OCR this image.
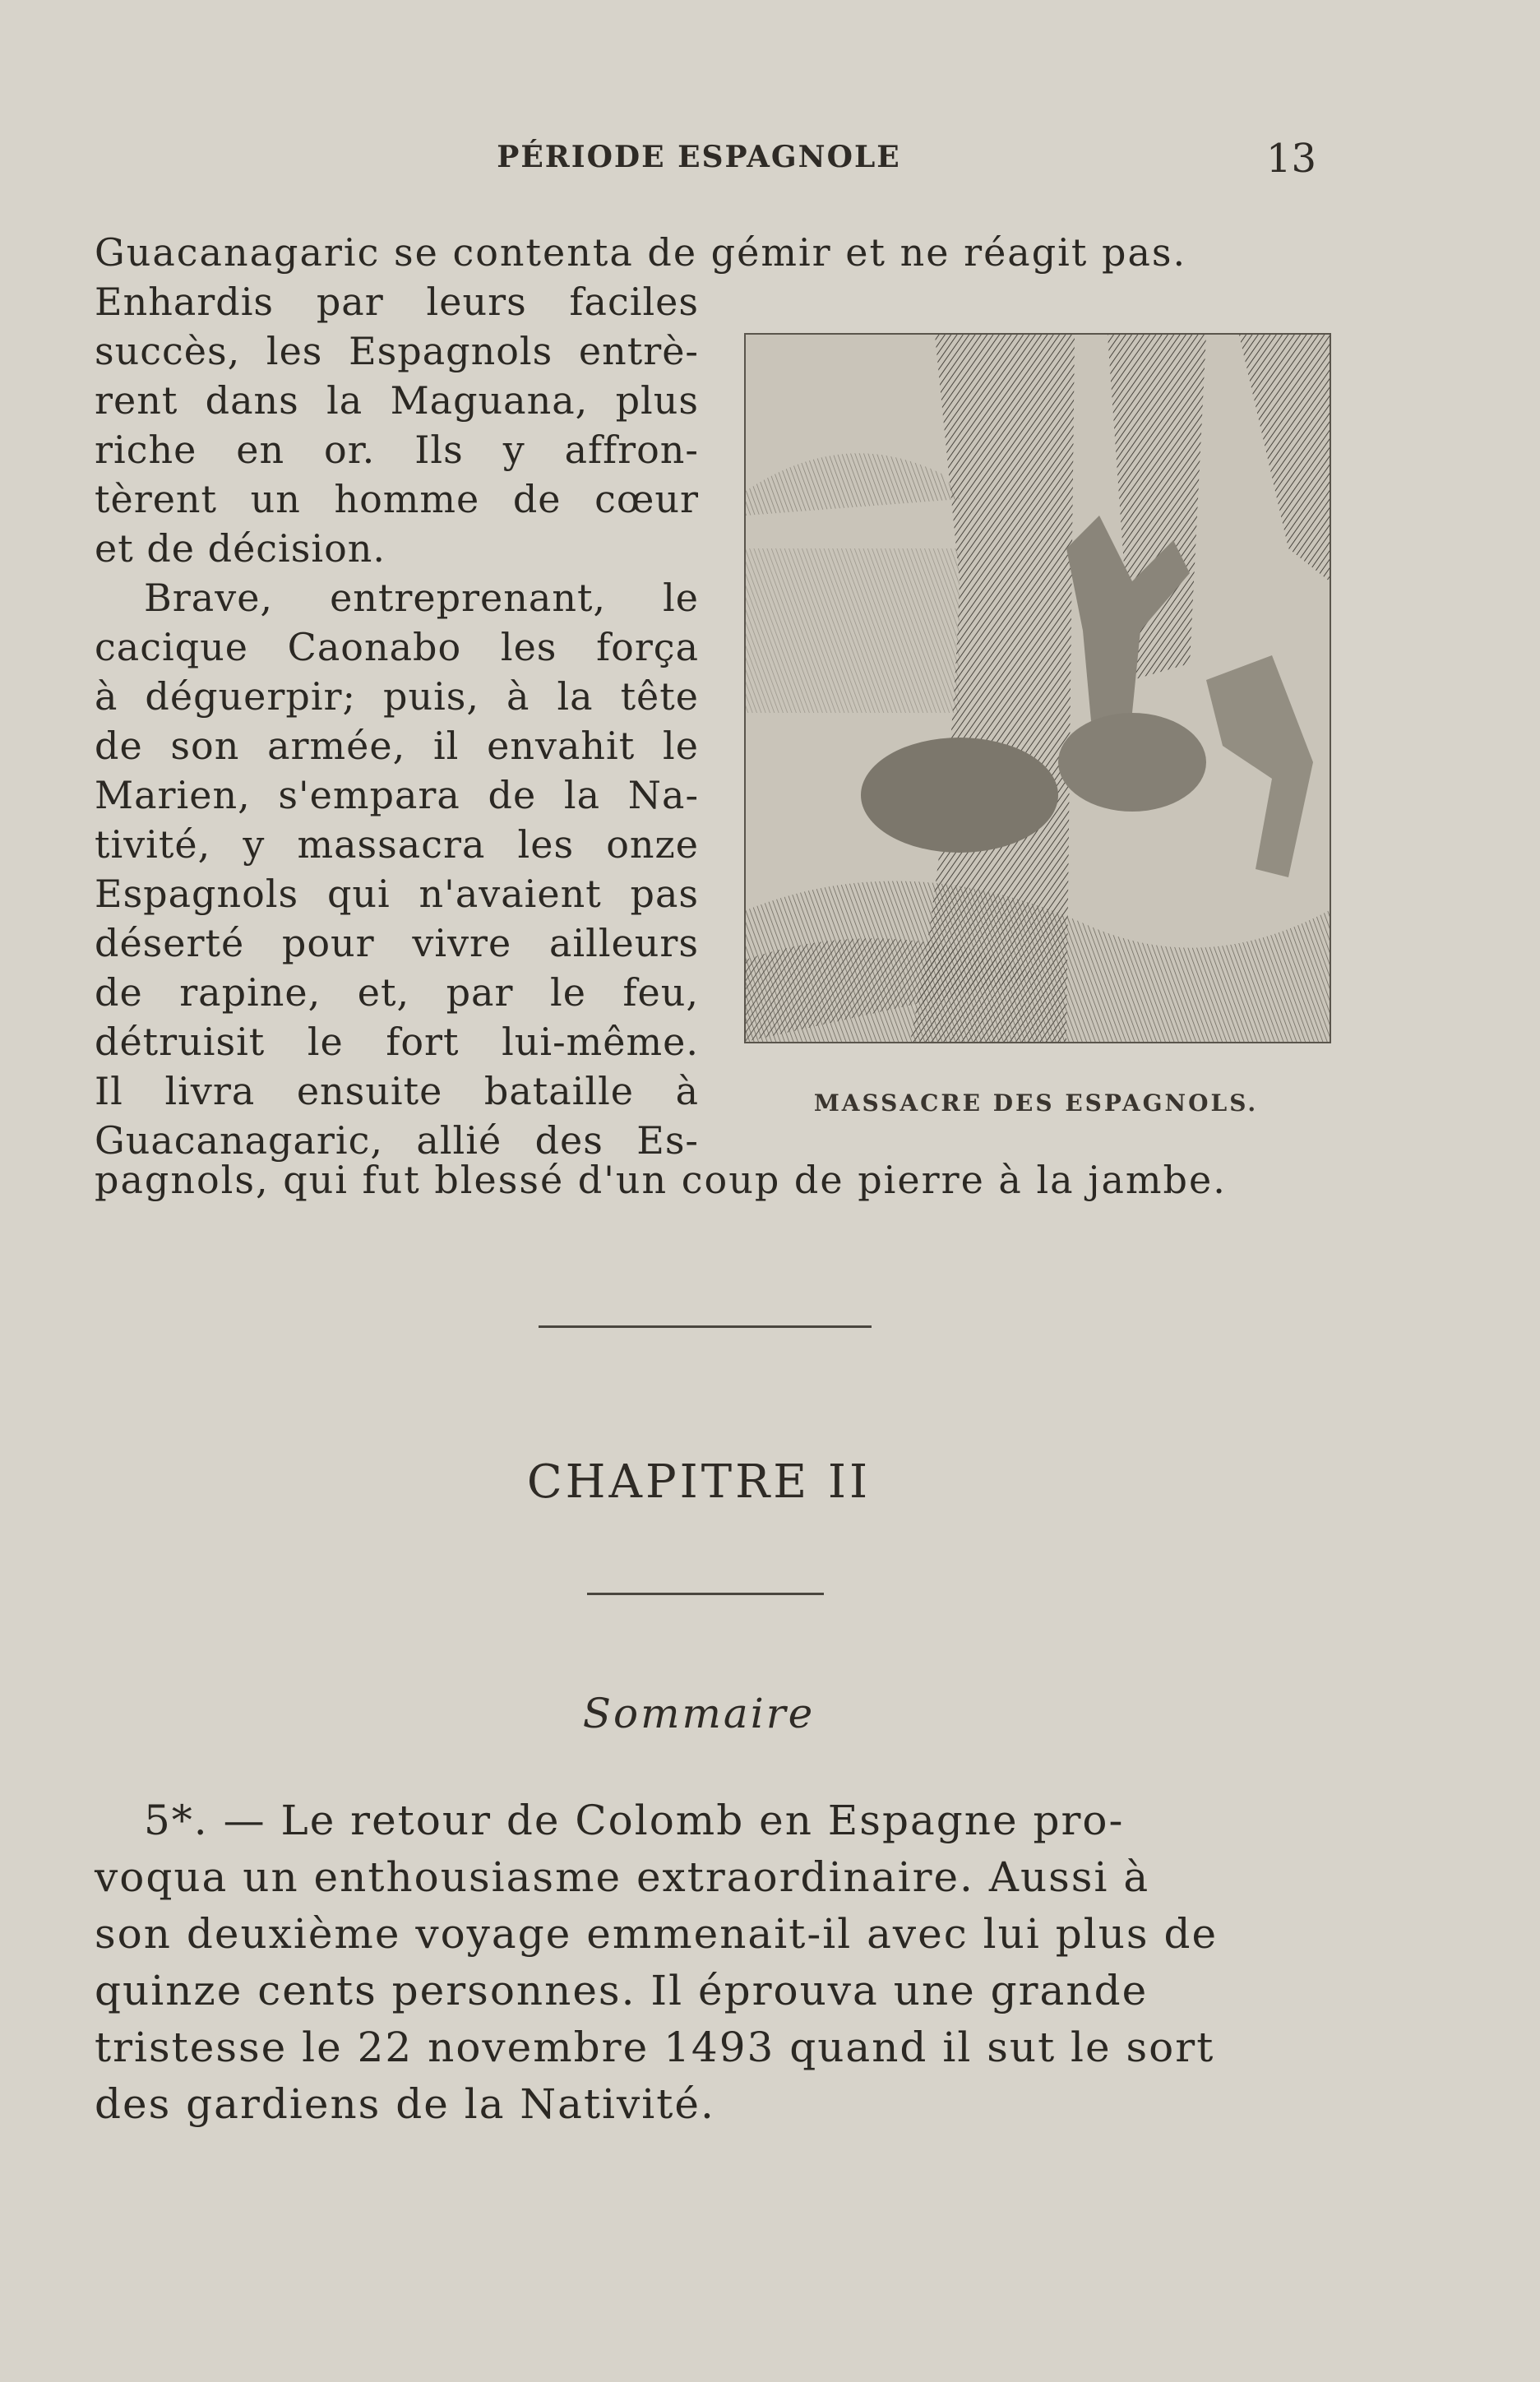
PÉRIODE ESPAGNOLE	13
Guacanagaric se contenta de gémir et ne réagit pas.
Enhardis par leurs faciles
succès, les Espagnols entrè-
rent dans la Maguana, plus
riche en or. Ils y affron-
tèrent un homme de cœur
et de décision.
Brave, entreprenant, le
cacique Caonabo les força
à déguerpir; puis, à la tête
de son armée, il envahit le
Marien, s'empara de la Na-
tivité, y massacra les onze
Espagnols qui n'avaient pas
déserté pour vivre ailleurs
de rapine, et, par le feu,
détruisit le fort lui-même.
Il livra ensuite bataille à
Guacanagaric, allié des Es-
pagnols, qui fut blessé d'un coup de pierre à la jambe.
MASSACRE DES ESPAGNOLS.
CHAPITRE II
Sommaire
5*. — Le retour de Colomb en Espagne pro-
voqua un enthousiasme extraordinaire. Aussi à
son deuxième voyage emmenait-il avec lui plus de
quinze cents personnes. Il éprouva une grande
tristesse le 22 novembre 1493 quand il sut le sort
des gardiens de la Nativité.
